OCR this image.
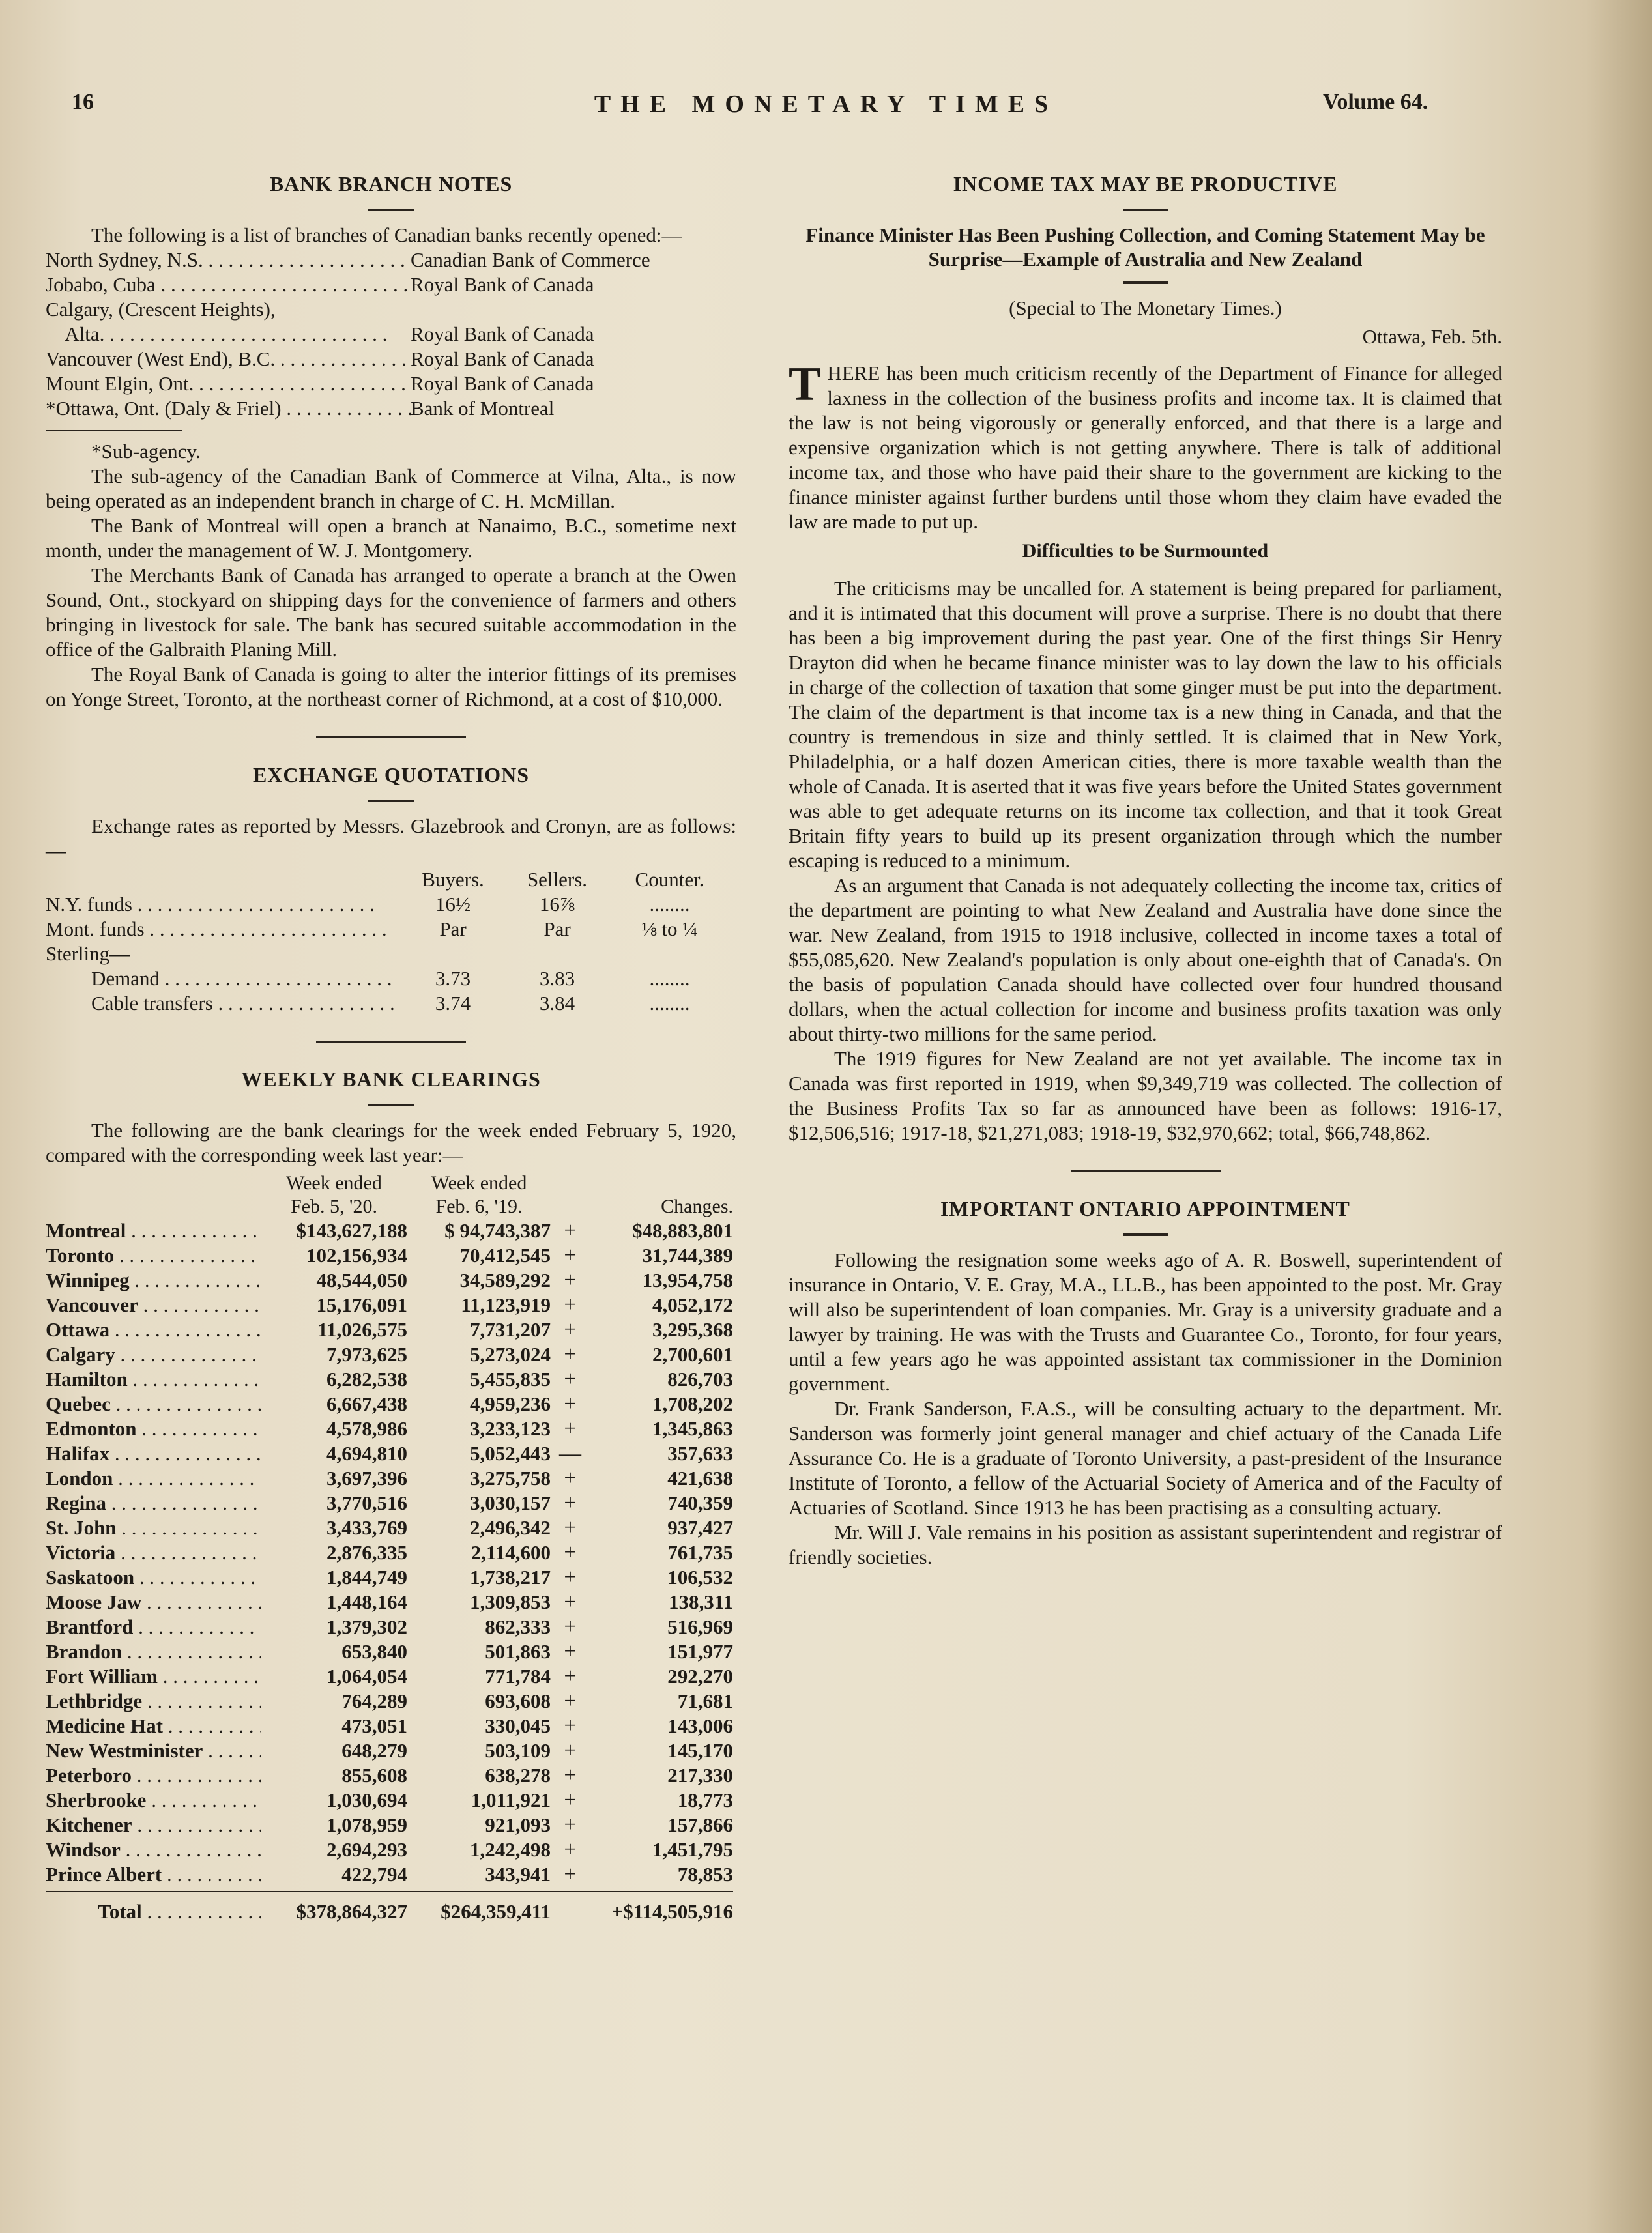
16	THE MONETARY TIMES	Volume 64.
BANK BRANCH NOTES

The following is a list of branches of Canadian banks recently opened:—

North Sydney, N.S. . . .	Canadian Bank of Commerce
Jobabo, Cuba . . .	Royal Bank of Canada
Calgary, (Crescent Heights),
Alta. . . .	Royal Bank of Canada
Vancouver (West End), B.C. . . .	Royal Bank of Canada
Mount Elgin, Ont. . . .	Royal Bank of Canada
*Ottawa, Ont. (Daly & Friel) . . .	Bank of Montreal

*Sub-agency.

The sub-agency of the Canadian Bank of Commerce at Vilna, Alta., is now being operated as an independent branch in charge of C. H. McMillan.

The Bank of Montreal will open a branch at Nanaimo, B.C., sometime next month, under the management of W. J. Montgomery.

The Merchants Bank of Canada has arranged to operate a branch at the Owen Sound, Ont., stockyard on shipping days for the convenience of farmers and others bringing in livestock for sale. The bank has secured suitable accommodation in the office of the Galbraith Planing Mill.

The Royal Bank of Canada is going to alter the interior fittings of its premises on Yonge Street, Toronto, at the northeast corner of Richmond, at a cost of $10,000.

EXCHANGE QUOTATIONS

Exchange rates as reported by Messrs. Glazebrook and Cronyn, are as follows:—

	Buyers.	Sellers.	Counter.
N.Y. funds . . .	16½	16⅞	........
Mont. funds . . .	Par	Par	⅛ to ¼
Sterling—			
Demand . . .	3.73	3.83	........
Cable transfers . . .	3.74	3.84	........
WEEKLY BANK CLEARINGS

The following are the bank clearings for the week ended February 5, 1920, compared with the corresponding week last year:—

	Week ended	Week ended		
	Feb. 5, '20.	Feb. 6, '19.		Changes.
Montreal . . .	$143,627,188	$ 94,743,387	+	$48,883,801
Toronto . . .	102,156,934	70,412,545	+	31,744,389
Winnipeg . . .	48,544,050	34,589,292	+	13,954,758
Vancouver . . .	15,176,091	11,123,919	+	4,052,172
Ottawa . . .	11,026,575	7,731,207	+	3,295,368
Calgary . . .	7,973,625	5,273,024	+	2,700,601
Hamilton . . .	6,282,538	5,455,835	+	826,703
Quebec . . .	6,667,438	4,959,236	+	1,708,202
Edmonton . . .	4,578,986	3,233,123	+	1,345,863
Halifax . . .	4,694,810	5,052,443	—	357,633
London . . .	3,697,396	3,275,758	+	421,638
Regina . . .	3,770,516	3,030,157	+	740,359
St. John . . .	3,433,769	2,496,342	+	937,427
Victoria . . .	2,876,335	2,114,600	+	761,735
Saskatoon . . .	1,844,749	1,738,217	+	106,532
Moose Jaw . . .	1,448,164	1,309,853	+	138,311
Brantford . . .	1,379,302	862,333	+	516,969
Brandon . . .	653,840	501,863	+	151,977
Fort William . . .	1,064,054	771,784	+	292,270
Lethbridge . . .	764,289	693,608	+	71,681
Medicine Hat . . .	473,051	330,045	+	143,006
New Westminister . . .	648,279	503,109	+	145,170
Peterboro . . .	855,608	638,278	+	217,330
Sherbrooke . . .	1,030,694	1,011,921	+	18,773
Kitchener . . .	1,078,959	921,093	+	157,866
Windsor . . .	2,694,293	1,242,498	+	1,451,795
Prince Albert . . .	422,794	343,941	+	78,853

Total . . .	$378,864,327	$264,359,411		+$114,505,916
INCOME TAX MAY BE PRODUCTIVE
Finance Minister Has Been Pushing Collection, and Coming Statement May be Surprise—Example of Australia and New Zealand
(Special to The Monetary Times.)
Ottawa, Feb. 5th.

THERE has been much criticism recently of the Department of Finance for alleged laxness in the collection of the business profits and income tax. It is claimed that the law is not being vigorously or generally enforced, and that there is a large and expensive organization which is not getting anywhere. There is talk of additional income tax, and those who have paid their share to the government are kicking to the finance minister against further burdens until those whom they claim have evaded the law are made to put up.

Difficulties to be Surmounted

The criticisms may be uncalled for. A statement is being prepared for parliament, and it is intimated that this document will prove a surprise. There is no doubt that there has been a big improvement during the past year. One of the first things Sir Henry Drayton did when he became finance minister was to lay down the law to his officials in charge of the collection of taxation that some ginger must be put into the department. The claim of the department is that income tax is a new thing in Canada, and that the country is tremendous in size and thinly settled. It is claimed that in New York, Philadelphia, or a half dozen American cities, there is more taxable wealth than the whole of Canada. It is aserted that it was five years before the United States government was able to get adequate returns on its income tax collection, and that it took Great Britain fifty years to build up its present organization through which the number escaping is reduced to a minimum.

As an argument that Canada is not adequately collecting the income tax, critics of the department are pointing to what New Zealand and Australia have done since the war. New Zealand, from 1915 to 1918 inclusive, collected in income taxes a total of $55,085,620. New Zealand's population is only about one-eighth that of Canada's. On the basis of population Canada should have collected over four hundred thousand dollars, when the actual collection for income and business profits taxation was only about thirty-two millions for the same period.

The 1919 figures for New Zealand are not yet available. The income tax in Canada was first reported in 1919, when $9,349,719 was collected. The collection of the Business Profits Tax so far as announced have been as follows: 1916-17, $12,506,516; 1917-18, $21,271,083; 1918-19, $32,970,662; total, $66,748,862.

IMPORTANT ONTARIO APPOINTMENT

Following the resignation some weeks ago of A. R. Boswell, superintendent of insurance in Ontario, V. E. Gray, M.A., LL.B., has been appointed to the post. Mr. Gray will also be superintendent of loan companies. Mr. Gray is a university graduate and a lawyer by training. He was with the Trusts and Guarantee Co., Toronto, for four years, until a few years ago he was appointed assistant tax commissioner in the Dominion government.

Dr. Frank Sanderson, F.A.S., will be consulting actuary to the department. Mr. Sanderson was formerly joint general manager and chief actuary of the Canada Life Assurance Co. He is a graduate of Toronto University, a past-president of the Insurance Institute of Toronto, a fellow of the Actuarial Society of America and of the Faculty of Actuaries of Scotland. Since 1913 he has been practising as a consulting actuary.

Mr. Will J. Vale remains in his position as assistant superintendent and registrar of friendly societies.
